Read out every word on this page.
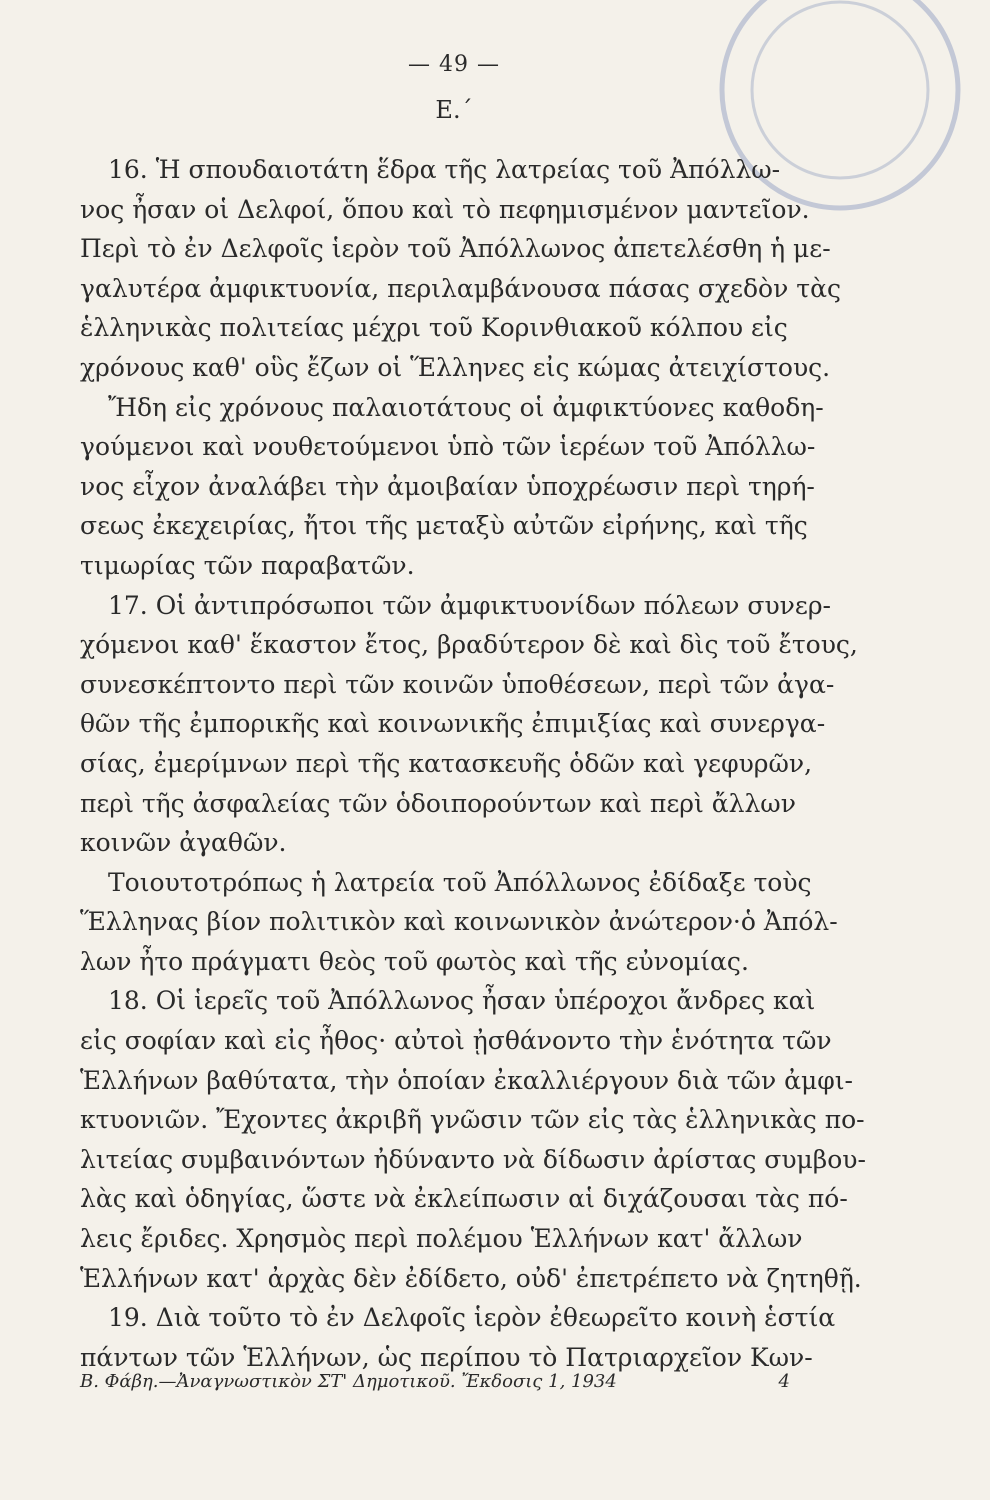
— 49 —
Ε.΄
16. Ἡ σπουδαιοτάτη ἕδρα τῆς λατρείας τοῦ Ἀπόλλω-
νος ἦσαν οἱ Δελφοί, ὅπου καὶ τὸ πεφημισμένον μαντεῖον.
Περὶ τὸ ἐν Δελφοῖς ἱερὸν τοῦ Ἀπόλλωνος ἀπετελέσθη ἡ με-
γαλυτέρα ἀμφικτυονία, περιλαμβάνουσα πάσας σχεδὸν τὰς
ἑλληνικὰς πολιτείας μέχρι τοῦ Κορινθιακοῦ κόλπου εἰς
χρόνους καθ' οὓς ἔζων οἱ Ἕλληνες εἰς κώμας ἀτειχίστους.
Ἤδη εἰς χρόνους παλαιοτάτους οἱ ἀμφικτύονες καθοδη-
γούμενοι καὶ νουθετούμενοι ὑπὸ τῶν ἱερέων τοῦ Ἀπόλλω-
νος εἶχον ἀναλάβει τὴν ἀμοιβαίαν ὑποχρέωσιν περὶ τηρή-
σεως ἐκεχειρίας, ἤτοι τῆς μεταξὺ αὐτῶν εἰρήνης, καὶ τῆς
τιμωρίας τῶν παραβατῶν.
17. Οἱ ἀντιπρόσωποι τῶν ἀμφικτυονίδων πόλεων συνερ-
χόμενοι καθ' ἕκαστον ἔτος, βραδύτερον δὲ καὶ δὶς τοῦ ἔτους,
συνεσκέπτοντο περὶ τῶν κοινῶν ὑποθέσεων, περὶ τῶν ἀγα-
θῶν τῆς ἐμπορικῆς καὶ κοινωνικῆς ἐπιμιξίας καὶ συνεργα-
σίας, ἐμερίμνων περὶ τῆς κατασκευῆς ὁδῶν καὶ γεφυρῶν,
περὶ τῆς ἀσφαλείας τῶν ὁδοιπορούντων καὶ περὶ ἄλλων
κοινῶν ἀγαθῶν.
Τοιουτοτρόπως ἡ λατρεία τοῦ Ἀπόλλωνος ἐδίδαξε τοὺς
Ἕλληνας βίον πολιτικὸν καὶ κοινωνικὸν ἀνώτερον·ὁ Ἀπόλ-
λων ἦτο πράγματι θεὸς τοῦ φωτὸς καὶ τῆς εὐνομίας.
18. Οἱ ἱερεῖς τοῦ Ἀπόλλωνος ἦσαν ὑπέροχοι ἄνδρες καὶ
εἰς σοφίαν καὶ εἰς ἦθος· αὐτοὶ ᾐσθάνοντο τὴν ἑνότητα τῶν
Ἑλλήνων βαθύτατα, τὴν ὁποίαν ἐκαλλιέργουν διὰ τῶν ἀμφι-
κτυονιῶν. Ἔχοντες ἀκριβῆ γνῶσιν τῶν εἰς τὰς ἑλληνικὰς πο-
λιτείας συμβαινόντων ἠδύναντο νὰ δίδωσιν ἀρίστας συμβου-
λὰς καὶ ὁδηγίας, ὥστε νὰ ἐκλείπωσιν αἱ διχάζουσαι τὰς πό-
λεις ἔριδες. Χρησμὸς περὶ πολέμου Ἑλλήνων κατ' ἄλλων
Ἑλλήνων κατ' ἀρχὰς δὲν ἐδίδετο, οὐδ' ἐπετρέπετο νὰ ζητηθῇ.
19. Διὰ τοῦτο τὸ ἐν Δελφοῖς ἱερὸν ἐθεωρεῖτο κοινὴ ἑστία
πάντων τῶν Ἑλλήνων, ὡς περίπου τὸ Πατριαρχεῖον Κων-
Β. Φάβη.—Ἀναγνωστικὸν ΣΤ' Δημοτικοῦ. Ἔκδοσις 1, 1934	4
